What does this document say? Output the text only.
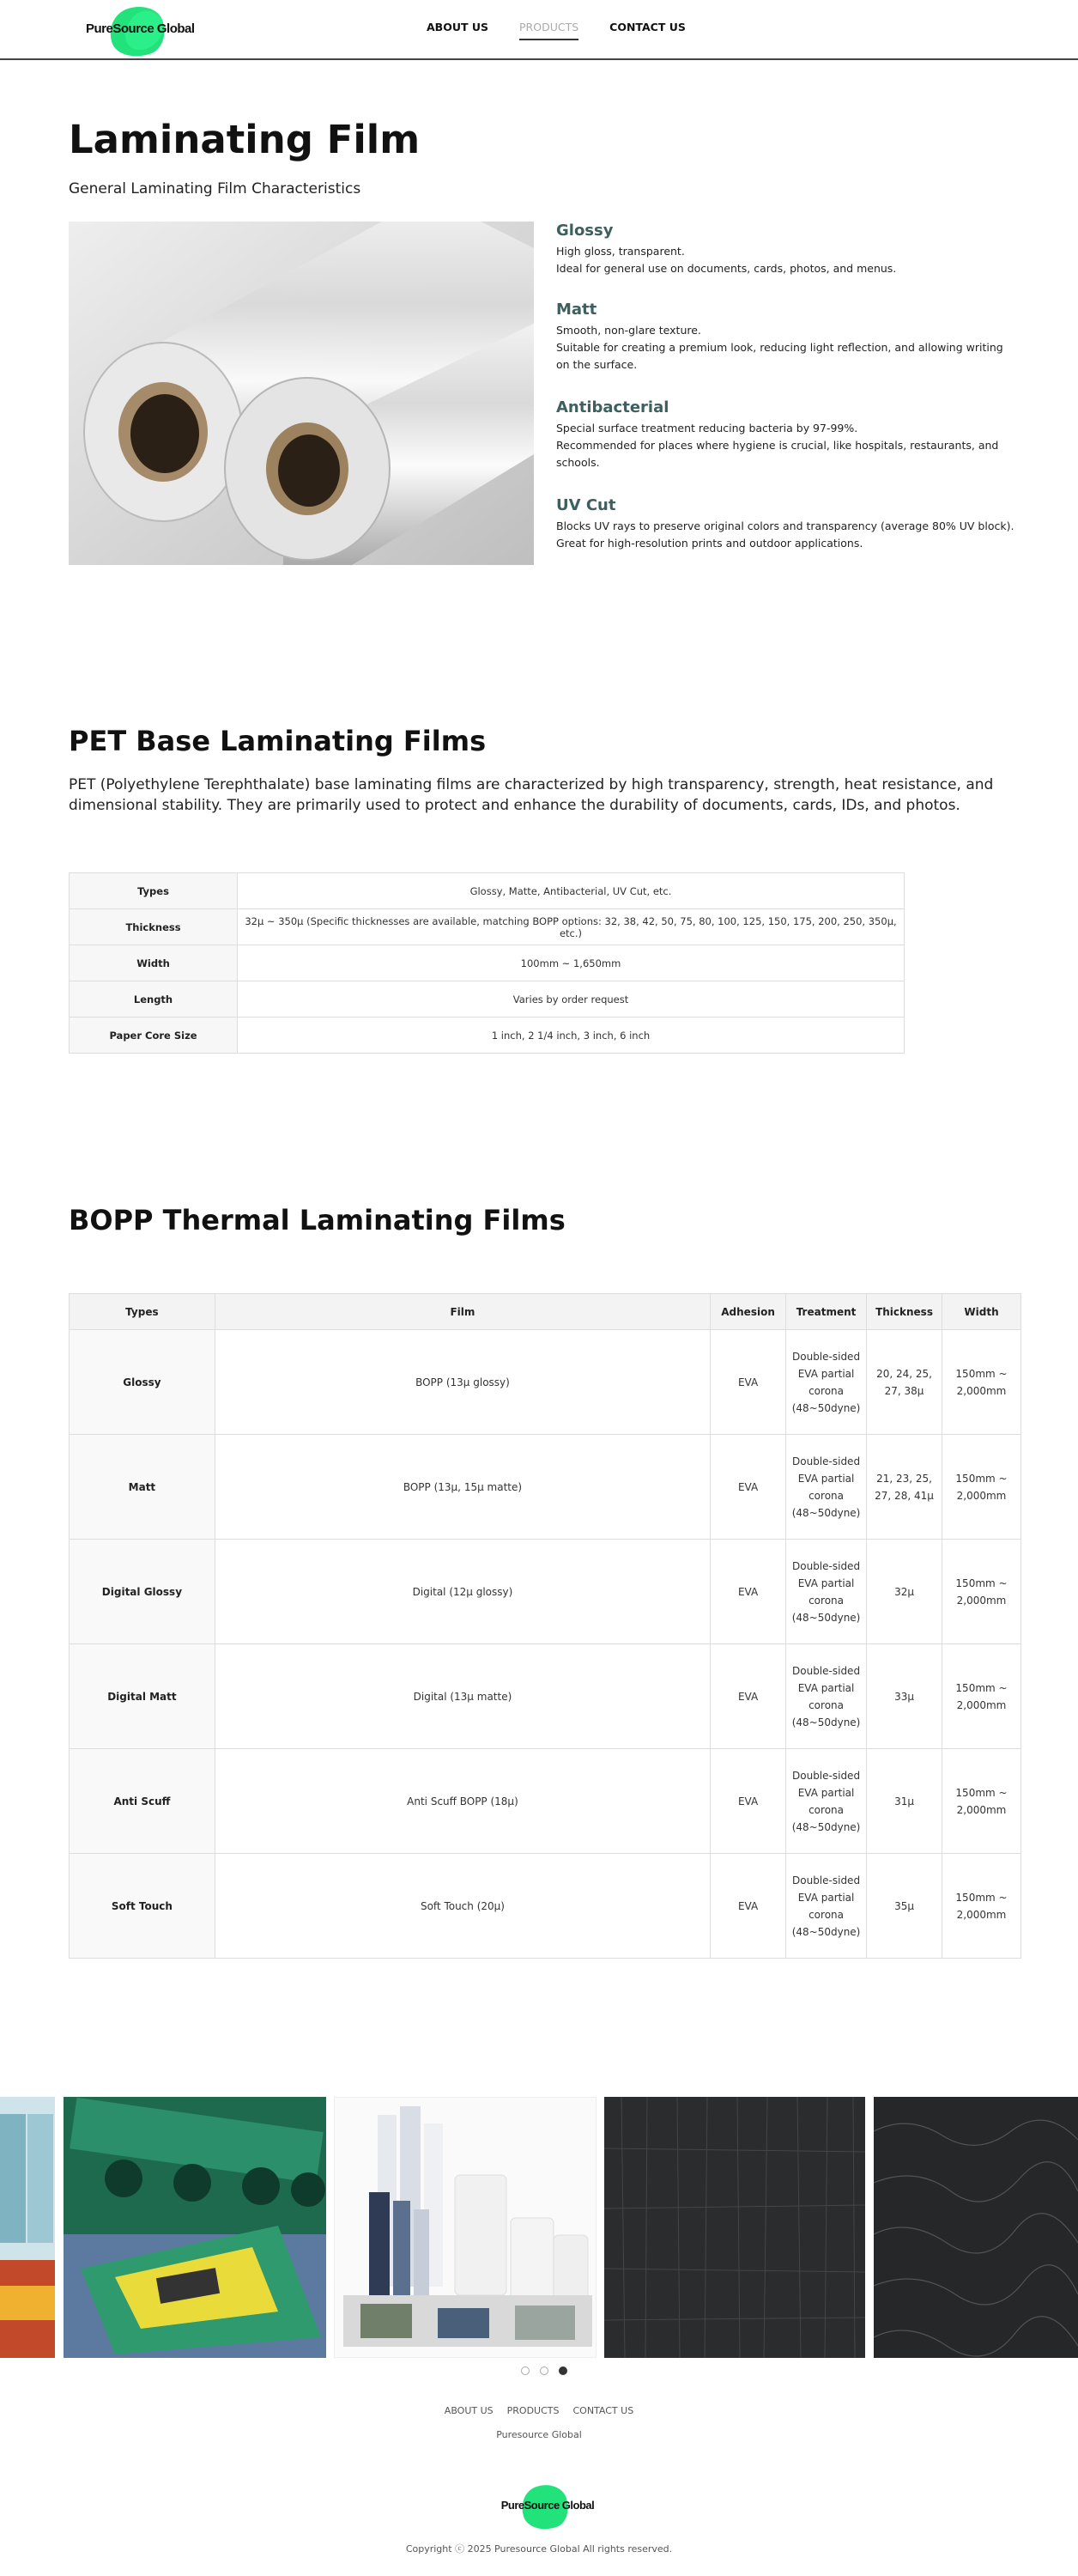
PureSource Global	ABOUT US	PRODUCTS	CONTACT US
Laminating Film
General Laminating Film Characteristics
Glossy

High gloss, transparent.

Ideal for general use on documents, cards, photos, and menus.

Matt

Smooth, non-glare texture.

Suitable for creating a premium look, reducing light reflection, and allowing writing on the surface.

Antibacterial

Special surface treatment reducing bacteria by 97-99%.

Recommended for places where hygiene is crucial, like hospitals, restaurants, and schools.

UV Cut

Blocks UV rays to preserve original colors and transparency (average 80% UV block).

Great for high-resolution prints and outdoor applications.

PET Base Laminating Films

PET (Polyethylene Terephthalate) base laminating films are characterized by high transparency, strength, heat resistance, and dimensional stability. They are primarily used to protect and enhance the durability of documents, cards, IDs, and photos.

Types	Glossy, Matte, Antibacterial, UV Cut, etc.
Thickness	32μ ~ 350μ (Specific thicknesses are available, matching BOPP options: 32, 38, 42, 50, 75, 80, 100, 125, 150, 175, 200, 250, 350μ, etc.)
Width	100mm ~ 1,650mm
Length	Varies by order request
Paper Core Size	1 inch, 2 1/4 inch, 3 inch, 6 inch
BOPP Thermal Laminating Films
Types	Film	Adhesion	Treatment	Thickness	Width
Glossy	BOPP (13μ glossy)	EVA	Double-sided EVA partial corona (48~50dyne)	20, 24, 25, 27, 38μ	150mm ~ 2,000mm
Matt	BOPP (13μ, 15μ matte)	EVA	Double-sided EVA partial corona (48~50dyne)	21, 23, 25, 27, 28, 41μ	150mm ~ 2,000mm
Digital Glossy	Digital (12μ glossy)	EVA	Double-sided EVA partial corona (48~50dyne)	32μ	150mm ~ 2,000mm
Digital Matt	Digital (13μ matte)	EVA	Double-sided EVA partial corona (48~50dyne)	33μ	150mm ~ 2,000mm
Anti Scuff	Anti Scuff BOPP (18μ)	EVA	Double-sided EVA partial corona (48~50dyne)	31μ	150mm ~ 2,000mm
Soft Touch	Soft Touch (20μ)	EVA	Double-sided EVA partial corona (48~50dyne)	35μ	150mm ~ 2,000mm
ABOUT US PRODUCTS CONTACT US
Puresource Global
PureSource Global
Copyright ⓒ 2025 Puresource Global All rights reserved.
